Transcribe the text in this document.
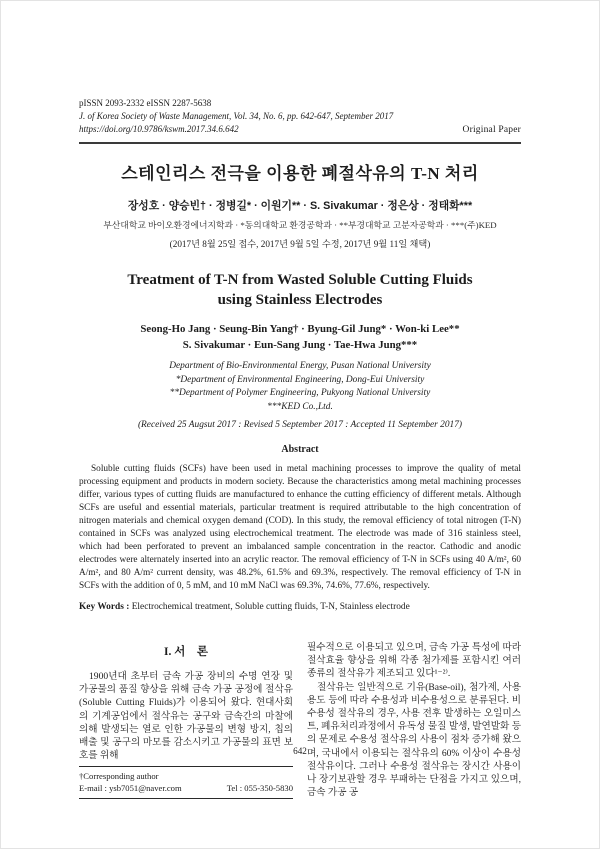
pISSN 2093-2332 eISSN 2287-5638
J. of Korea Society of Waste Management, Vol. 34, No. 6, pp. 642-647, September 2017
https://doi.org/10.9786/kswm.2017.34.6.642	Original Paper
스테인리스 전극을 이용한 폐절삭유의 T-N 처리
장성호 · 양승빈† · 정병길* · 이원기** · S. Sivakumar · 정은상 · 정태화***
부산대학교 바이오환경에너지학과 · *동의대학교 환경공학과 · **부경대학교 고분자공학과 · ***(주)KED
(2017년 8월 25일 접수, 2017년 9월 5일 수정, 2017년 9월 11일 채택)
Treatment of T-N from Wasted Soluble Cutting Fluids
using Stainless Electrodes
Seong-Ho Jang · Seung-Bin Yang† · Byung-Gil Jung* · Won-ki Lee**
S. Sivakumar · Eun-Sang Jung · Tae-Hwa Jung***
Department of Bio-Environmental Energy, Pusan National University
*Department of Environmental Engineering, Dong-Eui University
**Department of Polymer Engineering, Pukyong National University
***KED Co.,Ltd.
(Received 25 Augsut 2017 : Revised 5 September 2017 : Accepted 11 September 2017)
Abstract

Soluble cutting fluids (SCFs) have been used in metal machining processes to improve the quality of metal processing equipment and products in modern society. Because the characteristics among metal machining processes differ, various types of cutting fluids are manufactured to enhance the cutting efficiency of different metals. Although SCFs are useful and essential materials, particular treatment is required attributable to the high concentration of nitrogen materials and chemical oxygen demand (COD). In this study, the removal efficiency of total nitrogen (T-N) contained in SCFs was analyzed using electrochemical treatment. The electrode was made of 316 stainless steel, which had been perforated to prevent an imbalanced sample concentration in the reactor. Cathodic and anodic electrodes were alternately inserted into an acrylic reactor. The removal efficiency of T-N in SCFs using 40 A/m², 60 A/m², and 80 A/m² current density, was 48.2%, 61.5% and 69.3%, respectively. The removal efficiency of T-N in SCFs with the addition of 0, 5 mM, and 10 mM NaCl was 69.3%, 74.6%, 77.6%, respectively.

Key Words : Electrochemical treatment, Soluble cutting fluids, T-N, Stainless electrode

I. 서　론

1900년대 초부터 금속 가공 장비의 수명 연장 및 가공물의 품질 향상을 위해 금속 가공 공정에 절삭유 (Soluble Cutting Fluids)가 이용되어 왔다. 현대사회의 기계공업에서 절삭유는 공구와 금속간의 마찰에 의해 발생되는 열로 인한 가공물의 변형 방지, 칩의 배출 및 공구의 마모를 감소시키고 가공물의 표면 보호를 위해

†Corresponding author
E-mail : ysb7051@naver.com	Tel : 055-350-5830

필수적으로 이용되고 있으며, 금속 가공 특성에 따라 절삭효율 향상을 위해 각종 첨가제를 포함시킨 여러 종류의 절삭유가 제조되고 있다¹⁻²⁾.

절삭유는 일반적으로 기유(Base-oil), 첨가제, 사용용도 등에 따라 수용성과 비수용성으로 분류된다. 비수용성 절삭유의 경우, 사용 전후 발생하는 오일미스트, 폐유처리과정에서 유독성 물질 발생, 발연발화 등의 문제로 수용성 절삭유의 사용이 점차 증가해 왔으며, 국내에서 이용되는 절삭유의 60% 이상이 수용성 절삭유이다. 그러나 수용성 절삭유는 장시간 사용이나 장기보관할 경우 부패하는 단점을 가지고 있으며, 금속 가공 공

642
